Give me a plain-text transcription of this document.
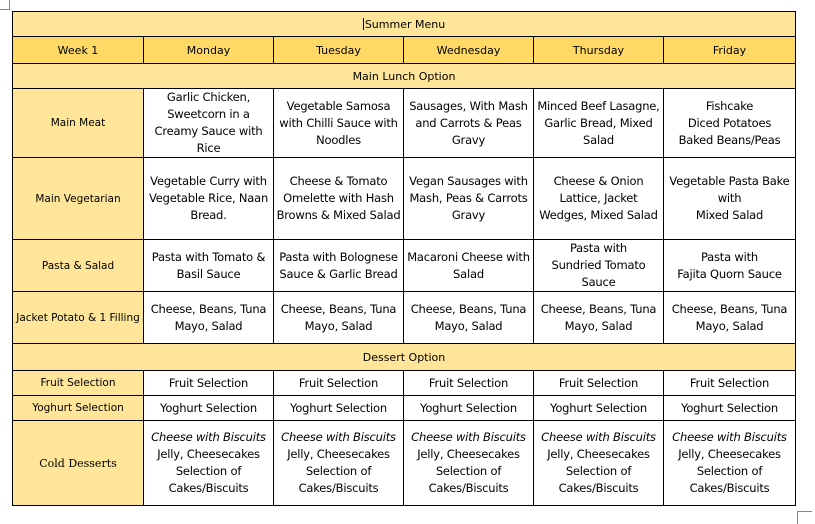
Summer Menu					
Week 1	Monday	Tuesday	Wednesday	Thursday	Friday
Main Lunch Option					
Main Meat	Garlic Chicken,
Sweetcorn in a
Creamy Sauce with
Rice	Vegetable Samosa
with Chilli Sauce with
Noodles	Sausages, With Mash
and Carrots & Peas
Gravy	Minced Beef Lasagne,
Garlic Bread, Mixed
Salad	Fishcake
Diced Potatoes
Baked Beans/Peas
Main Vegetarian	Vegetable Curry with
Vegetable Rice, Naan
Bread.	Cheese & Tomato
Omelette with Hash
Browns & Mixed Salad	Vegan Sausages with
Mash, Peas & Carrots
Gravy	Cheese & Onion
Lattice, Jacket
Wedges, Mixed Salad	Vegetable Pasta Bake
with
Mixed Salad
Pasta & Salad	Pasta with Tomato &
Basil Sauce	Pasta with Bolognese
Sauce & Garlic Bread	Macaroni Cheese with
Salad	Pasta with
Sundried Tomato
Sauce	Pasta with
Fajita Quorn Sauce
Jacket Potato & 1 Filling	Cheese, Beans, Tuna
Mayo, Salad	Cheese, Beans, Tuna
Mayo, Salad	Cheese, Beans, Tuna
Mayo, Salad	Cheese, Beans, Tuna
Mayo, Salad	Cheese, Beans, Tuna
Mayo, Salad
Dessert Option					
Fruit Selection	Fruit Selection	Fruit Selection	Fruit Selection	Fruit Selection	Fruit Selection
Yoghurt Selection	Yoghurt Selection	Yoghurt Selection	Yoghurt Selection	Yoghurt Selection	Yoghurt Selection
Cold Desserts	Cheese with Biscuits
Jelly, Cheesecakes
Selection of
Cakes/Biscuits	Cheese with Biscuits
Jelly, Cheesecakes
Selection of
Cakes/Biscuits	Cheese with Biscuits
Jelly, Cheesecakes
Selection of
Cakes/Biscuits	Cheese with Biscuits
Jelly, Cheesecakes
Selection of
Cakes/Biscuits	Cheese with Biscuits
Jelly, Cheesecakes
Selection of
Cakes/Biscuits
